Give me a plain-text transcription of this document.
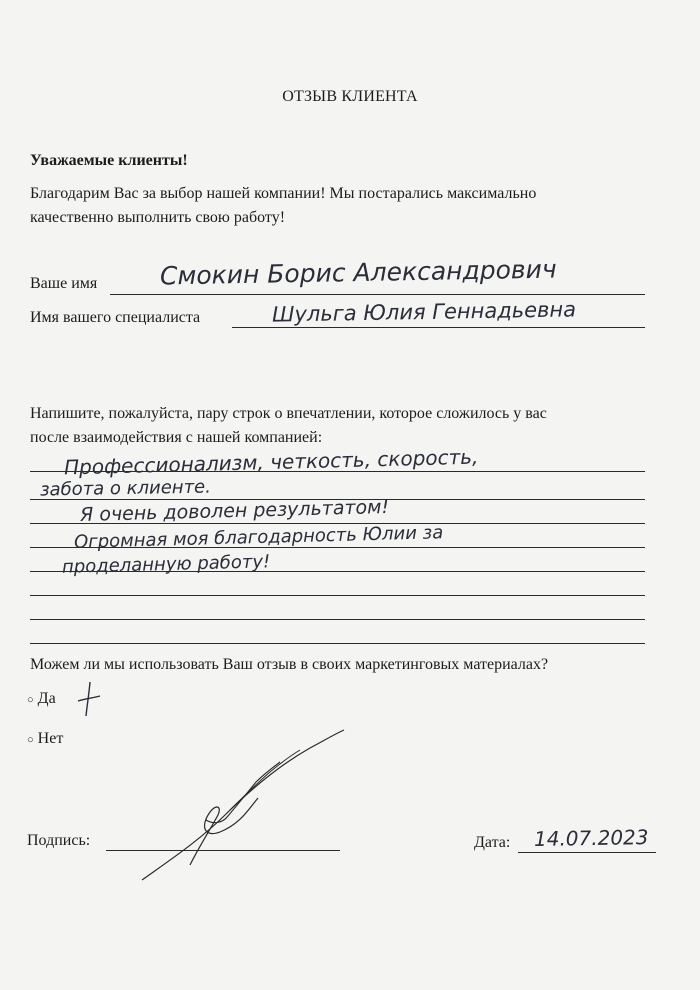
ОТЗЫВ КЛИЕНТА
Уважаемые клиенты!
Благодарим Вас за выбор нашей компании! Мы постарались максимально
качественно выполнить свою работу!
Ваше имя	Смокин Борис Александрович
Имя вашего специалиста	Шульга Юлия Геннадьевна
Напишите, пожалуйста, пару строк о впечатлении, которое сложилось у вас
после взаимодействия с нашей компанией:
Профессионализм, четкость, скорость,
забота о клиенте.
Я очень доволен результатом!
Огромная моя благодарность Юлии за
проделанную работу!
Можем ли мы использовать Ваш отзыв в своих маркетинговых материалах?
○ Да
○ Нет
Подпись:	Дата: 14.07.2023
